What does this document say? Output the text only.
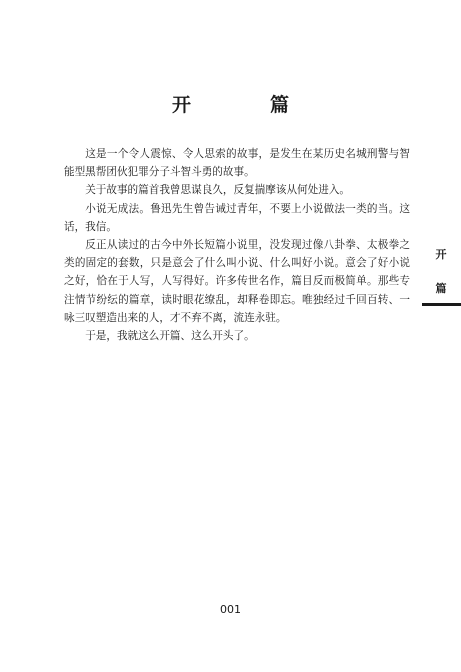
开　篇

这是一个令人震惊、令人思索的故事，是发生在某历史名城刑警与智能型黑帮团伙犯罪分子斗智斗勇的故事。

关于故事的篇首我曾思谋良久，反复揣摩该从何处进入。

小说无成法。鲁迅先生曾告诫过青年，不要上小说做法一类的当。这话，我信。

反正从读过的古今中外长短篇小说里，没发现过像八卦拳、太极拳之类的固定的套数，只是意会了什么叫小说、什么叫好小说。意会了好小说之好，恰在于人写，人写得好。许多传世名作，篇目反而极简单。那些专注情节纷纭的篇章，读时眼花缭乱，却释卷即忘。唯独经过千回百转、一咏三叹塑造出来的人，才不弃不离，流连永驻。

于是，我就这么开篇、这么开头了。

开
篇
001
